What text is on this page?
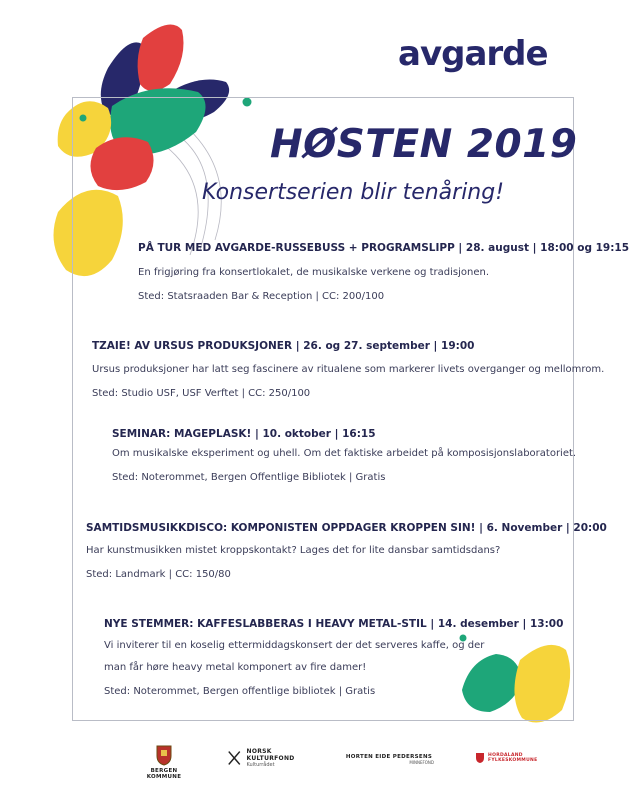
avgarde
HØSTEN 2019
Konsertserien blir tenåring!
PÅ TUR MED AVGARDE-RUSSEBUSS + PROGRAMSLIPP | 28. august | 18:00 og 19:15
En frigjøring fra konsertlokalet, de musikalske verkene og tradisjonen.
Sted: Statsraaden Bar & Reception | CC: 200/100
TZAIE! AV URSUS PRODUKSJONER | 26. og 27. september | 19:00
Ursus produksjoner har latt seg fascinere av ritualene som markerer livets overganger og mellomrom.
Sted: Studio USF, USF Verftet | CC: 250/100
SEMINAR: MAGEPLASK! | 10. oktober | 16:15
Om musikalske eksperiment og uhell. Om det faktiske arbeidet på komposisjonslaboratoriet.
Sted: Noterommet, Bergen Offentlige Bibliotek | Gratis
SAMTIDSMUSIKKDISCO: KOMPONISTEN OPPDAGER KROPPEN SIN! | 6. November | 20:00
Har kunstmusikken mistet kroppskontakt? Lages det for lite dansbar samtidsdans?
Sted: Landmark | CC: 150/80
NYE STEMMER: KAFFESLABBERAS I HEAVY METAL-STIL | 14. desember | 13:00
Vi inviterer til en koselig ettermiddagskonsert der det serveres kaffe, og der
man får høre heavy metal komponert av fire damer!
Sted: Noterommet, Bergen offentlige bibliotek | Gratis
BERGEN KOMMUNE
NORSK KULTURFOND
Kulturrådet
HORTEN EIDE PEDERSENS
MINNEFOND
HORDALAND FYLKESKOMMUNE
